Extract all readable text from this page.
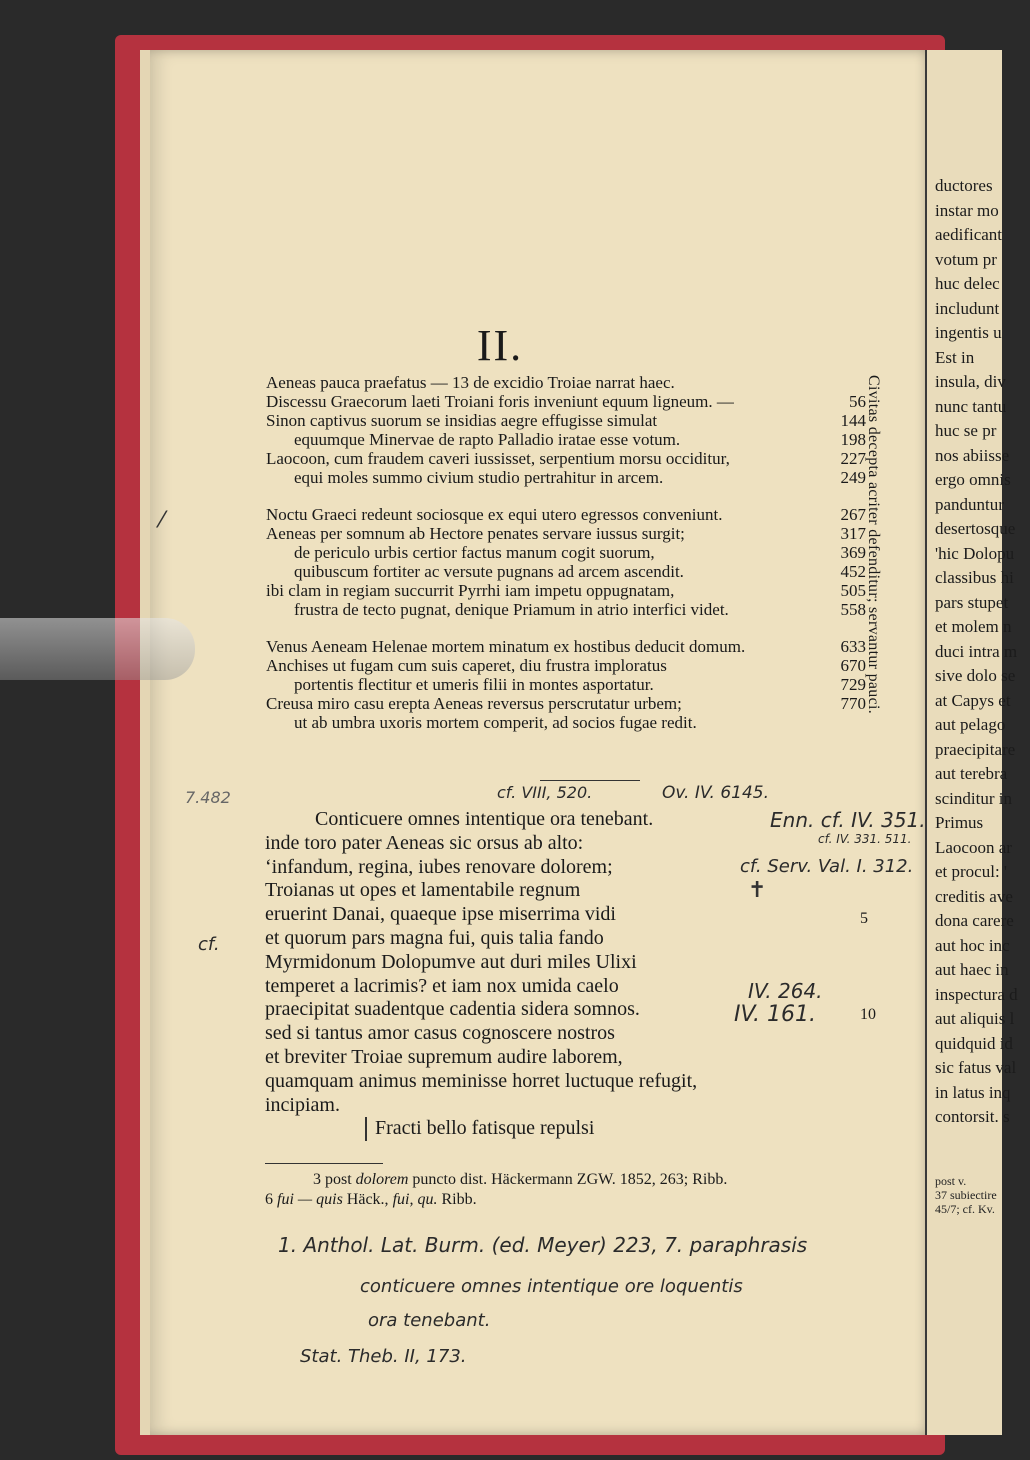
ductores
instar mo
aedificant
votum pr
huc delec
includunt
ingentis u
Est in
insula, div
nunc tantu
huc se pr
nos abiisse
ergo omnis
panduntur
desertosque
'hic Dolopu
classibus hi
pars stupet
et molem n
duci intra m
sive dolo se
at Capys et
aut pelago
praecipitare
aut terebra
scinditur in
Primus
Laocoon ar
et procul: '
creditis ave
dona carere
aut hoc inc
aut haec in
inspectura d
aut aliquis l
quidquid id
sic fatus val
in latus inq
contorsit. s
post v.
37 subiectire
45/7; cf. Kv.
II.
Aeneas pauca praefatus — 13 de excidio Troiae narrat haec.
Discessu Graecorum laeti Troiani foris inveniunt equum ligneum. —	56
Sinon captivus suorum se insidias aegre effugisse simulat	144
equumque Minervae de rapto Palladio iratae esse votum.	198
Laocoon, cum fraudem caveri iussisset, serpentium morsu occiditur,	227
equi moles summo civium studio pertrahitur in arcem.	249
Noctu Graeci redeunt sociosque ex equi utero egressos conveniunt.	267
Aeneas per somnum ab Hectore penates servare iussus surgit;	317
de periculo urbis certior factus manum cogit suorum,	369
quibuscum fortiter ac versute pugnans ad arcem ascendit.	452
ibi clam in regiam succurrit Pyrrhi iam impetu oppugnatam,	505
frustra de tecto pugnat, denique Priamum in atrio interfici videt.	558
Venus Aeneam Helenae mortem minatum ex hostibus deducit domum.	633
Anchises ut fugam cum suis caperet, diu frustra imploratus	670
portentis flectitur et umeris filii in montes asportatur.	729
Creusa miro casu erepta Aeneas reversus perscrutatur urbem;	770
ut ab umbra uxoris mortem comperit, ad socios fugae redit.
Civitas decepta acriter defenditur; servantur pauci.
Conticuere omnes intentique ora tenebant.
inde toro pater Aeneas sic orsus ab alto:
ʻinfandum, regina, iubes renovare dolorem;
Troianas ut opes et lamentabile regnum
eruerint Danai, quaeque ipse miserrima vidi
et quorum pars magna fui, quis talia fando
Myrmidonum Dolopumve aut duri miles Ulixi
temperet a lacrimis? et iam nox umida caelo
praecipitat suadentque cadentia sidera somnos.
sed si tantus amor casus cognoscere nostros
et breviter Troiae supremum audire laborem,
quamquam animus meminisse horret luctuque refugit,
incipiam.
Fracti bello fatisque repulsi
5
10
3 post dolorem puncto dist. Häckermann ZGW. 1852, 263; Ribb.
6 fui — quis Häck., fui, qu. Ribb.
cf. VIII, 520.	Ov. IV. 6145.
Enn. cf. IV. 351.
cf. IV. 331. 511.
cf. Serv. Val. I. 312.
IV. 264.
IV. 161.
7.482
cf.
⁄
✝
1. Anthol. Lat. Burm. (ed. Meyer) 223, 7. paraphrasis
conticuere omnes intentique ore loquentis
ora tenebant.
Stat. Theb. II, 173.
